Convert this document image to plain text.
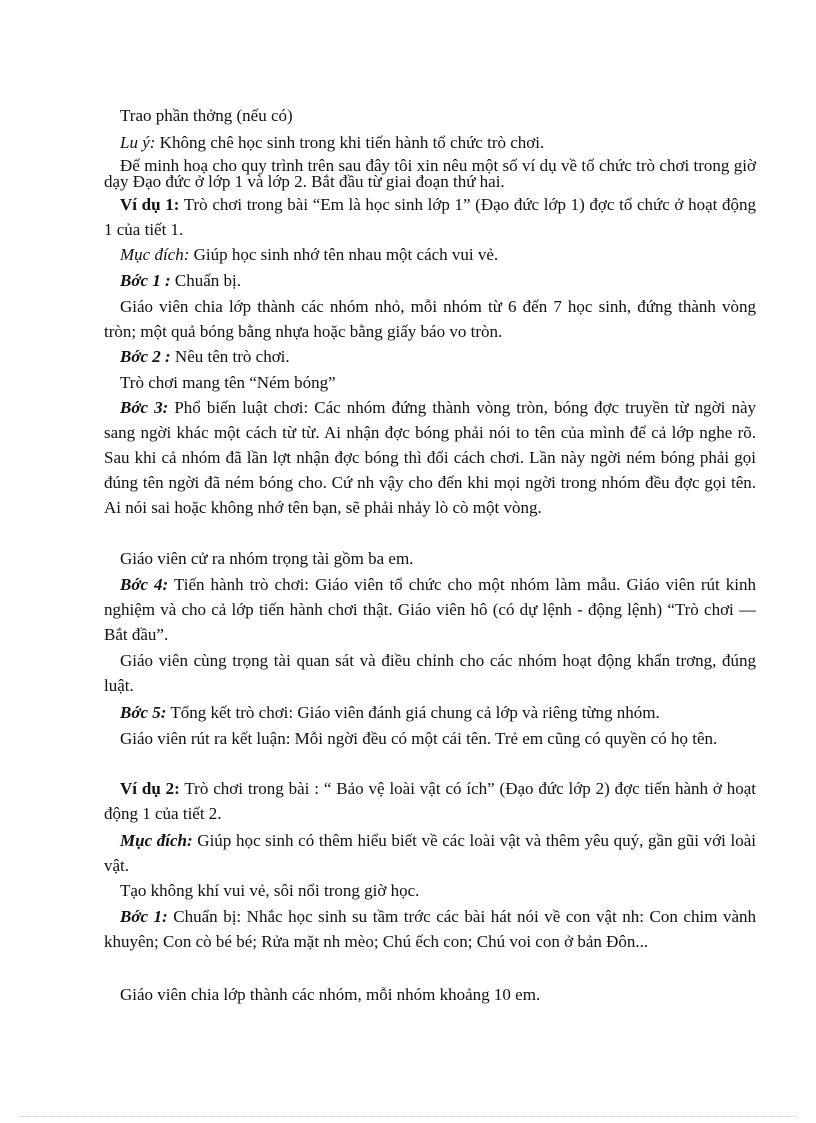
Trao phần thởng (nếu có)

Lu ý: Không chê học sinh trong khi tiến hành tổ chức trò chơi.

Để minh hoạ cho quy trình trên sau đây tôi xin nêu một số ví dụ về tổ chức trò chơi trong giờ dạy Đạo đức ở lớp 1 và lớp 2. Bắt đầu từ giai đoạn thứ hai.

Ví dụ 1: Trò chơi trong bài “Em là học sinh lớp 1” (Đạo đức lớp 1) đợc tổ chức ở hoạt động 1 của tiết 1.

Mục đích: Giúp học sinh nhớ tên nhau một cách vui vẻ.

Bớc 1 : Chuẩn bị.

Giáo viên chia lớp thành các nhóm nhỏ, mỗi nhóm từ 6 đến 7 học sinh, đứng thành vòng tròn; một quả bóng bằng nhựa hoặc bằng giấy báo vo tròn.

Bớc 2 : Nêu tên trò chơi.

Trò chơi mang tên “Ném bóng”

Bớc 3: Phổ biến luật chơi: Các nhóm đứng thành vòng tròn, bóng đợc truyền từ ngời này sang ngời khác một cách từ từ. Ai nhận đợc bóng phải nói to tên của mình để cả lớp nghe rõ. Sau khi cả nhóm đã lần lợt nhận đợc bóng thì đổi cách chơi. Lần này ngời ném bóng phải gọi đúng tên ngời đã ném bóng cho. Cứ nh vậy cho đến khi mọi ngời trong nhóm đều đợc gọi tên. Ai nói sai hoặc không nhớ tên bạn, sẽ phải nhảy lò cò một vòng.

Giáo viên cử ra nhóm trọng tài gồm ba em.

Bớc 4: Tiến hành trò chơi: Giáo viên tổ chức cho một nhóm làm mẫu. Giáo viên rút kinh nghiệm và cho cả lớp tiến hành chơi thật. Giáo viên hô (có dự lệnh - động lệnh) “Trò chơi — Bắt đầu”.

Giáo viên cùng trọng tài quan sát và điều chỉnh cho các nhóm hoạt động khẩn trơng, đúng luật.

Bớc 5: Tổng kết trò chơi: Giáo viên đánh giá chung cả lớp và riêng từng nhóm.

Giáo viên rút ra kết luận: Mỗi ngời đều có một cái tên. Trẻ em cũng có quyền có họ tên.

Ví dụ 2: Trò chơi trong bài : “ Bảo vệ loài vật có ích” (Đạo đức lớp 2) đợc tiến hành ở hoạt động 1 của tiết 2.

Mục đích: Giúp học sinh có thêm hiểu biết về các loài vật và thêm yêu quý, gần gũi với loài vật.

Tạo không khí vui vẻ, sôi nổi trong giờ học.

Bớc 1: Chuẩn bị: Nhắc học sinh su tầm trớc các bài hát nói về con vật nh: Con chim vành khuyên; Con cò bé bé; Rửa mặt nh mèo; Chú ếch con; Chú voi con ở bản Đôn...

Giáo viên chia lớp thành các nhóm, mỗi nhóm khoảng 10 em.
